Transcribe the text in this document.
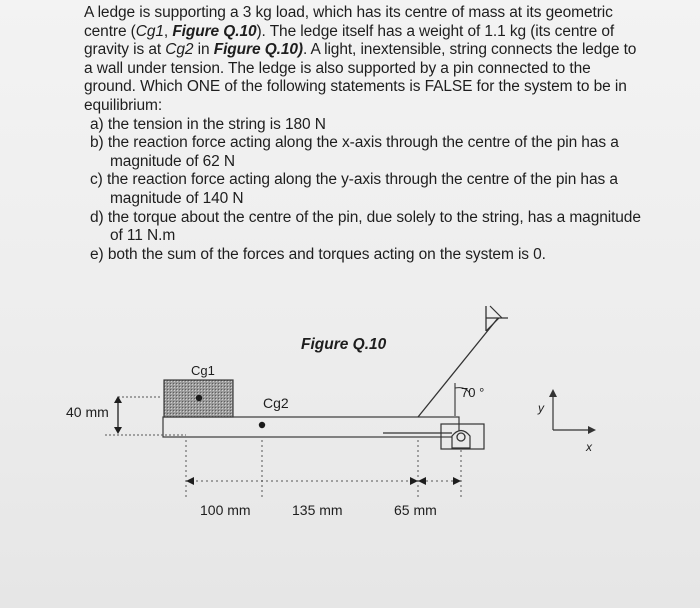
A ledge is supporting a 3 kg load, which has its centre of mass at its geometric centre (Cg1, Figure Q.10). The ledge itself has a weight of 1.1 kg (its centre of gravity is at Cg2 in Figure Q.10). A light, inextensible, string connects the ledge to a wall under tension. The ledge is also supported by a pin connected to the ground. Which ONE of the following statements is FALSE for the system to be in equilibrium:
a) the tension in the string is 180 N
b) the reaction force acting along the x-axis through the centre of the pin has a magnitude of 62 N
c) the reaction force acting along the y-axis through the centre of the pin has a magnitude of 140 N
d) the torque about the centre of the pin, due solely to the string, has a magnitude of 11 N.m
e) both the sum of the forces and torques acting on the system is 0.
Figure Q.10
Cg1
Cg2
40 mm
70 °
100 mm	135 mm	65 mm
y
x
